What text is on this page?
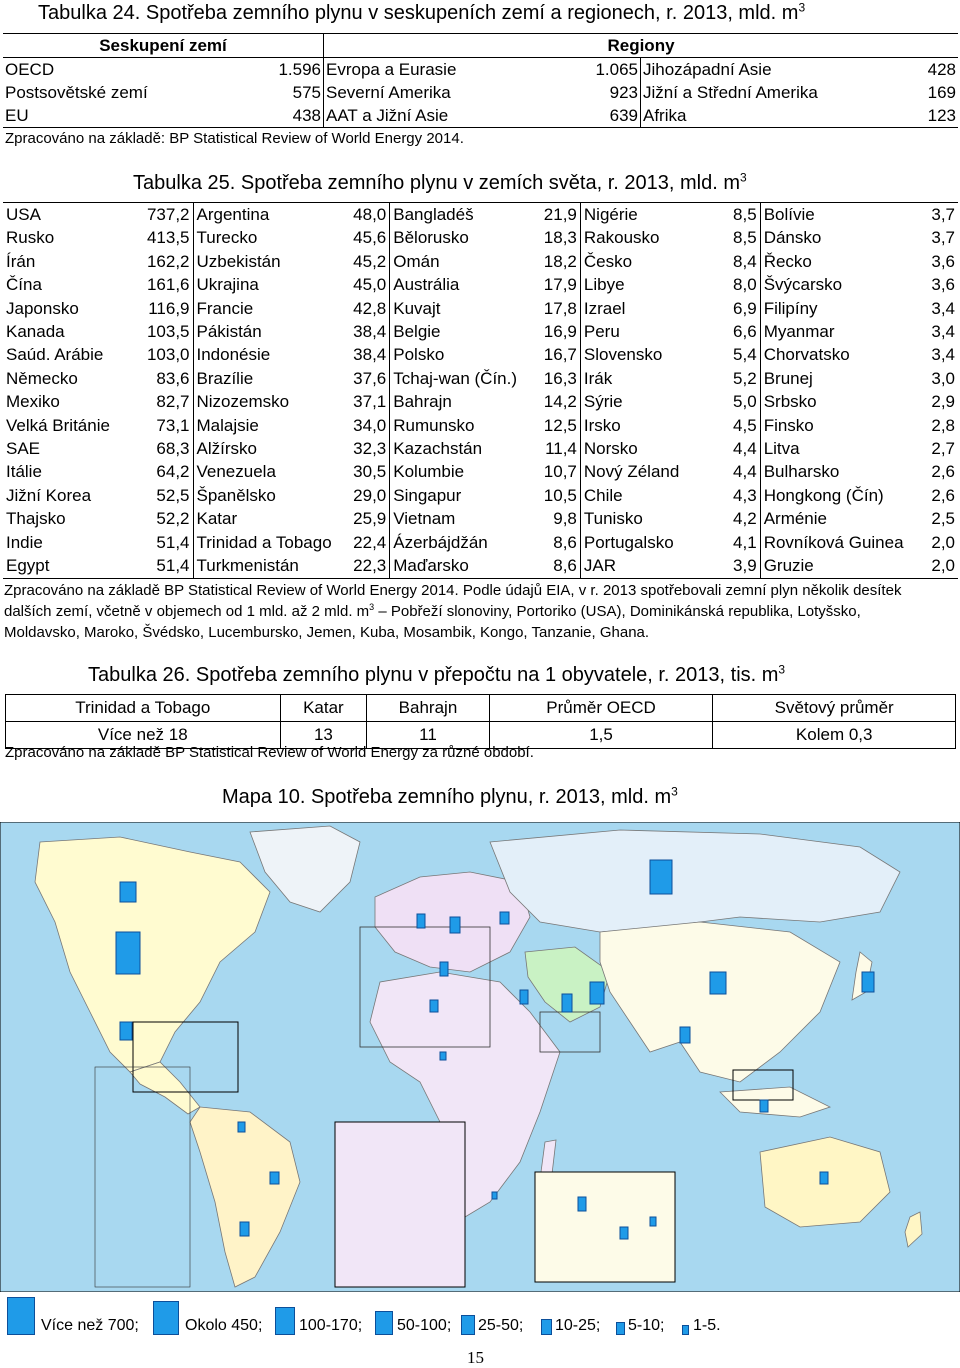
Tabulka 24. Spotřeba zemního plynu v seskupeních zemí a regionech, r. 2013, mld. $m^3$
Seskupení zemí		Regiony			
OECD	1.596	Evropa a Eurasie	1.065	Jihozápadní Asie	428
Postsovětské zemí	575	Severní Amerika	923	Jižní a Střední Amerika	169
EU	438	AAT a Jižní Asie	639	Afrika	123
Zpracováno na základě: BP Statistical Review of World Energy 2014.
Tabulka 25. Spotřeba zemního plynu v zemích světa, r. 2013, mld. $m^3$
USA	737,2	Argentina	48,0	Bangladéš	21,9	Nigérie	8,5	Bolívie	3,7
Rusko	413,5	Turecko	45,6	Bělorusko	18,3	Rakousko	8,5	Dánsko	3,7
Írán	162,2	Uzbekistán	45,2	Omán	18,2	Česko	8,4	Řecko	3,6
Čína	161,6	Ukrajina	45,0	Austrália	17,9	Libye	8,0	Švýcarsko	3,6
Japonsko	116,9	Francie	42,8	Kuvajt	17,8	Izrael	6,9	Filipíny	3,4
Kanada	103,5	Pákistán	38,4	Belgie	16,9	Peru	6,6	Myanmar	3,4
Saúd. Arábie	103,0	Indonésie	38,4	Polsko	16,7	Slovensko	5,4	Chorvatsko	3,4
Německo	83,6	Brazílie	37,6	Tchaj-wan (Čín.)	16,3	Irák	5,2	Brunej	3,0
Mexiko	82,7	Nizozemsko	37,1	Bahrajn	14,2	Sýrie	5,0	Srbsko	2,9
Velká Británie	73,1	Malajsie	34,0	Rumunsko	12,5	Irsko	4,5	Finsko	2,8
SAE	68,3	Alžírsko	32,3	Kazachstán	11,4	Norsko	4,4	Litva	2,7
Itálie	64,2	Venezuela	30,5	Kolumbie	10,7	Nový Zéland	4,4	Bulharsko	2,6
Jižní Korea	52,5	Španělsko	29,0	Singapur	10,5	Chile	4,3	Hongkong (Čín)	2,6
Thajsko	52,2	Katar	25,9	Vietnam	9,8	Tunisko	4,2	Arménie	2,5
Indie	51,4	Trinidad a Tobago	22,4	Ázerbájdžán	8,6	Portugalsko	4,1	Rovníková Guinea	2,0
Egypt	51,4	Turkmenistán	22,3	Maďarsko	8,6	JAR	3,9	Gruzie	2,0
Zpracováno na základě BP Statistical Review of World Energy 2014. Podle údajů EIA, v r. 2013 spotřebovali zemní plyn několik desítek
dalších zemí, včetně v objemech od 1 mld. až 2 mld. $m^3$ – Pobřeží slonoviny, Portoriko (USA), Dominikánská republika, Lotyšsko,
Moldavsko, Maroko, Švédsko, Lucembursko, Jemen, Kuba, Mosambik, Kongo, Tanzanie, Ghana.
Tabulka 26. Spotřeba zemního plynu v přepočtu na 1 obyvatele, r. 2013, tis. $m^3$
Trinidad a Tobago	Katar	Bahrajn	Průměr OECD	Světový průměr
Více než 18	13	11	1,5	Kolem 0,3
Zpracováno na základě BP Statistical Review of World Energy za různé období.
Mapa 10. Spotřeba zemního plynu, r. 2013, mld. $m^3$
Více než 700;	Okolo 450; 100-170; 50-100; 25-50; 10-25; 5-10; 1-5.
15
